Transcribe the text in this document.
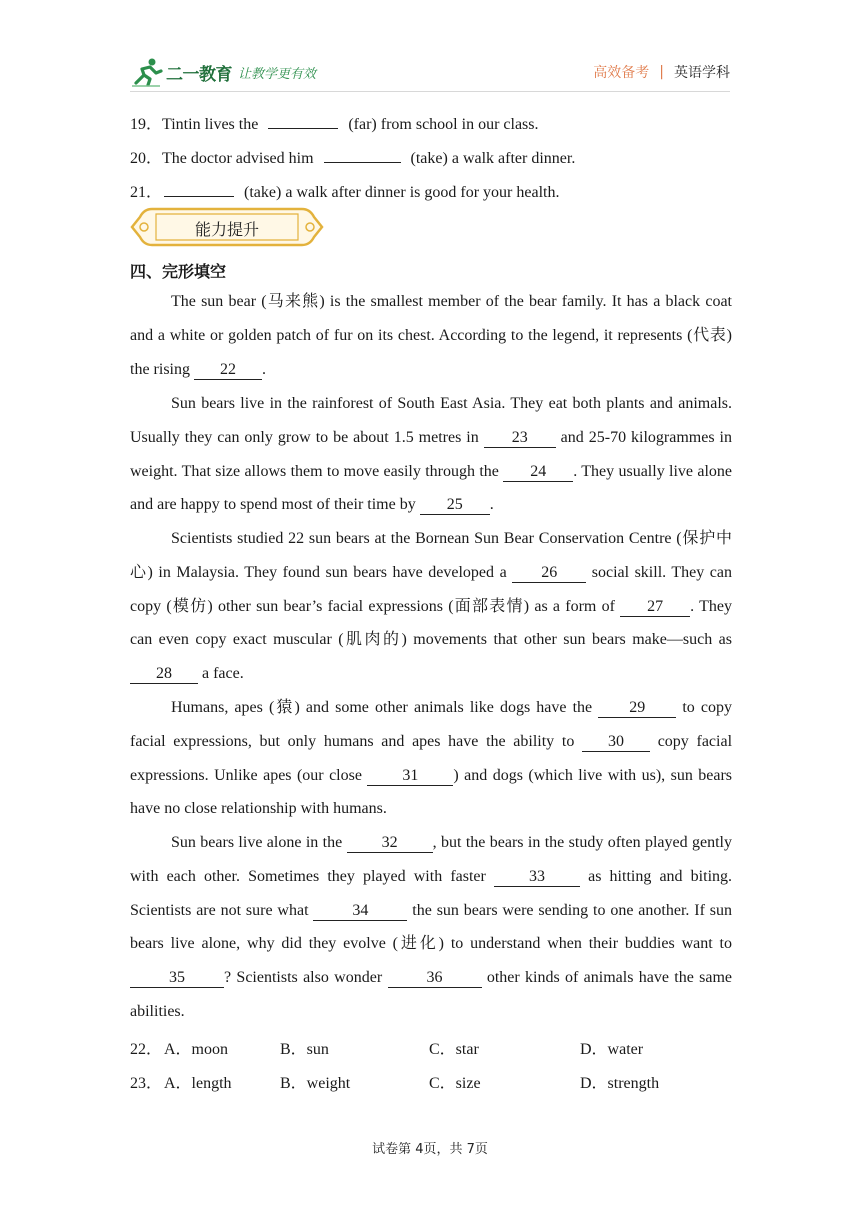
二一教育 让教学更有效	高效备考 | 英语学科
19．Tintin lives the	(far) from school in our class.
20．The doctor advised him	(take) a walk after dinner.
21．	(take) a walk after dinner is good for your health.
能力提升
四、完形填空
The sun bear (马来熊) is the smallest member of the bear family. It has a black coat and a white or golden patch of fur on its chest. According to the legend, it represents (代表) the rising 22 .
Sun bears live in the rainforest of South East Asia. They eat both plants and animals. Usually they can only grow to be about 1.5 metres in 23 and 25-70 kilogrammes in weight. That size allows them to move easily through the 24 . They usually live alone and are happy to spend most of their time by 25 .
Scientists studied 22 sun bears at the Bornean Sun Bear Conservation Centre (保护中心) in Malaysia. They found sun bears have developed a 26 social skill. They can copy (模仿) other sun bear’s facial expressions (面部表情) as a form of 27 . They can even copy exact muscular (肌肉的) movements that other sun bears make—such as 28 a face.
Humans, apes (猿) and some other animals like dogs have the 29 to copy facial expressions, but only humans and apes have the ability to 30 copy facial expressions. Unlike apes (our close	31 ) and dogs (which live with us), sun bears have no close relationship with humans.
Sun bears live alone in the 32 , but the bears in the study often played gently with each other. Sometimes they played with faster	33	as hitting and biting. Scientists are not sure what	34	the sun bears were sending to one another. If sun bears live alone, why did they evolve (进化) to understand when their buddies want to 35 ? Scientists also wonder	36	other kinds of animals have the same abilities.
22． A．moon	B．sun	C．star	D．water
23． A．length	B．weight	C．size	D．strength
试卷第 4页，共 7页
